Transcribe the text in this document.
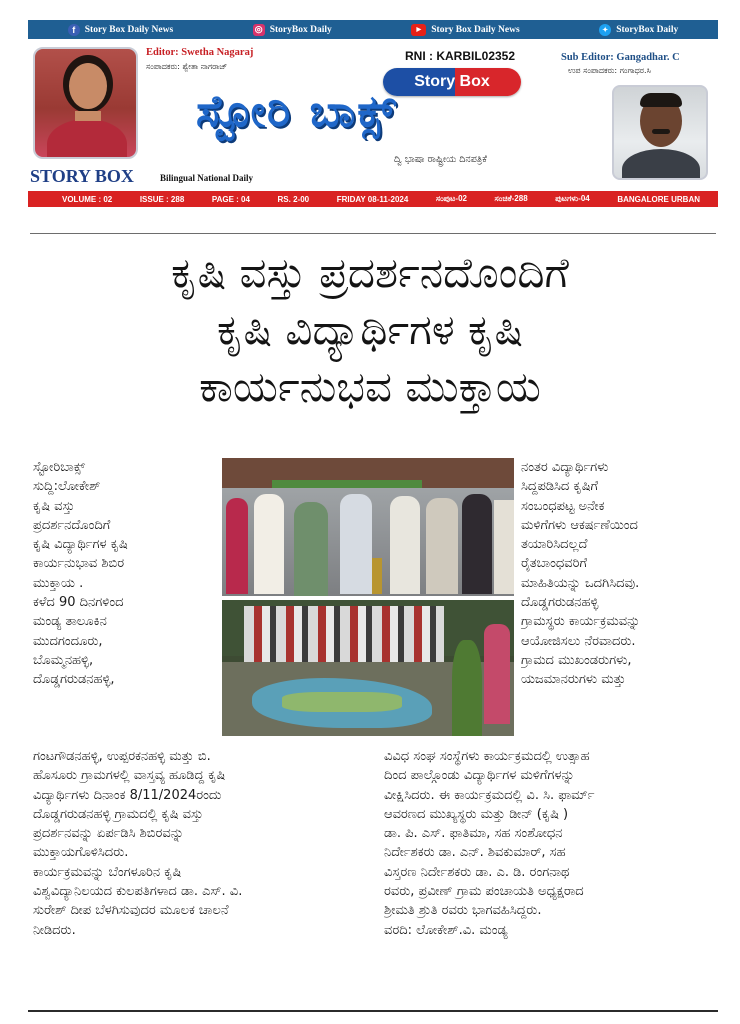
f	Story Box Daily News	◎ StoryBox Daily	▶	Story Box Daily News	✦ StoryBox Daily
Editor: Swetha Nagaraj
ಸಂಪಾದಕರು: ಶ್ವೇತಾ ನಾಗರಾಜ್
RNI : KARBIL02352
Story Box
ಸ್ಟೋರಿ ಬಾಕ್ಸ್
ದ್ವಿ ಭಾಷಾ ರಾಷ್ಟ್ರೀಯ ದಿನಪತ್ರಿಕೆ
Sub Editor: Gangadhar. C
ಉಪ ಸಂಪಾದಕರು: ಗಂಗಾಧರ.ಸಿ
STORY BOX	Bilingual National Daily
VOLUME : 02	ISSUE : 288	PAGE : 04	RS. 2-00	FRIDAY 08-11-2024	ಸಂಪುಟ-02	ಸಂಚಿಕೆ-288	ಪುಟಗಳು-04	BANGALORE URBAN
ಕೃಷಿ ವಸ್ತು ಪ್ರದರ್ಶನದೊಂದಿಗೆ
ಕೃಷಿ ವಿದ್ಯಾರ್ಥಿಗಳ ಕೃಷಿ
ಕಾರ್ಯನುಭವ ಮುಕ್ತಾಯ
ಸ್ಟೋರಿಬಾಕ್ಸ್
ಸುದ್ದಿ:ಲೋಕೇಶ್
ಕೃಷಿ ವಸ್ತು
ಪ್ರದರ್ಶನದೊಂದಿಗೆ
ಕೃಷಿ ವಿದ್ಯಾರ್ಥಿಗಳ ಕೃಷಿ
ಕಾರ್ಯನುಭಾವ ಶಿಬಿರ
ಮುಕ್ತಾಯ .
ಕಳೆದ 90 ದಿನಗಳಿಂದ
ಮಂಡ್ಯ ತಾಲೂಕಿನ
ಮುದಗಂದೂರು,
ಬೊಮ್ಮನಹಳ್ಳಿ,
ದೊಡ್ಡಗರುಡನಹಳ್ಳಿ,
ನಂತರ ವಿದ್ಯಾರ್ಥಿಗಳು
ಸಿದ್ದಪಡಿಸಿದ ಕೃಷಿಗೆ
ಸಂಬಂಧಪಟ್ಟ ಅನೇಕ
ಮಳಿಗೆಗಳು ಆಕರ್ಷಣೆಯಿಂದ
ತಯಾರಿಸಿದಲ್ಲದೆ
ರೈತಬಾಂಧವರಿಗೆ
ಮಾಹಿತಿಯನ್ನು ಒದಗಿಸಿದವು.
ದೊಡ್ಡಗರುಡನಹಳ್ಳಿ
ಗ್ರಾಮಸ್ಥರು ಕಾರ್ಯಕ್ರಮವನ್ನು
ಆಯೋಜಿಸಲು ನೆರವಾದರು.
ಗ್ರಾಮದ ಮುಖಂಡರುಗಳು,
ಯಜಮಾನರುಗಳು ಮತ್ತು
ಗಂಟಗೌಡನಹಳ್ಳಿ, ಉಪ್ಪರಕನಹಳ್ಳಿ ಮತ್ತು ಬಿ.
ಹೊಸೂರು ಗ್ರಾಮಗಳಲ್ಲಿ ವಾಸ್ತವ್ಯ ಹೂಡಿದ್ದ ಕೃಷಿ
ವಿದ್ಯಾರ್ಥಿಗಳು ದಿನಾಂಕ 8/11/2024ರಂದು
ದೊಡ್ಡಗರುಡನಹಳ್ಳಿ ಗ್ರಾಮದಲ್ಲಿ ಕೃಷಿ ವಸ್ತು
ಪ್ರದರ್ಶನವನ್ನು ಏರ್ಪಡಿಸಿ ಶಿಬಿರವನ್ನು
ಮುಕ್ತಾಯಗೊಳಿಸಿದರು.
ಕಾರ್ಯಕ್ರಮವನ್ನು ಬೆಂಗಳೂರಿನ ಕೃಷಿ
ವಿಶ್ವವಿದ್ಯಾನಿಲಯದ ಕುಲಪತಿಗಳಾದ ಡಾ. ಎಸ್. ವಿ.
ಸುರೇಶ್ ದೀಪ ಬೆಳಗಿಸುವುದರ ಮೂಲಕ ಚಾಲನೆ
ನೀಡಿದರು.
ವಿವಿಧ ಸಂಘ ಸಂಸ್ಥೆಗಳು ಕಾರ್ಯಕ್ರಮದಲ್ಲಿ ಉತ್ಸಾಹ
ದಿಂದ ಪಾಲ್ಗೊಂಡು ವಿದ್ಯಾರ್ಥಿಗಳ ಮಳಿಗೆಗಳನ್ನು
ವೀಕ್ಷಿಸಿದರು. ಈ ಕಾರ್ಯಕ್ರಮದಲ್ಲಿ ವಿ. ಸಿ. ಫಾರ್ಮ್
ಆವರಣದ ಮುಖ್ಯಸ್ಥರು ಮತ್ತು ಡೀನ್ (ಕೃಷಿ )
ಡಾ. ಪಿ. ಎಸ್. ಫಾತಿಮಾ, ಸಹ ಸಂಶೋಧನ
ನಿರ್ದೇಶಕರು ಡಾ. ಎನ್. ಶಿವಕುಮಾರ್, ಸಹ
ವಿಸ್ತರಣ ನಿರ್ದೇಶಕರು ಡಾ. ಎ. ಡಿ. ರಂಗನಾಥ
ರವರು, ಪ್ರವೀಣ್ ಗ್ರಾಮ ಪಂಚಾಯತಿ ಅಧ್ಯಕ್ಷರಾದ
ಶ್ರೀಮತಿ ಶ್ರುತಿ ರವರು ಭಾಗವಹಿಸಿದ್ದರು.
ವರದಿ: ಲೋಕೇಶ್.ವಿ. ಮಂಡ್ಯ
